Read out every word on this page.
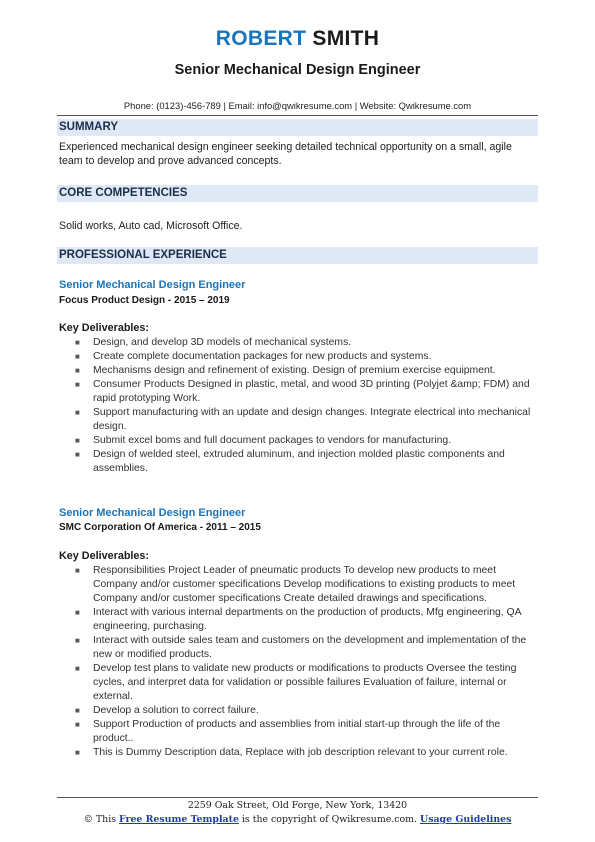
ROBERT SMITH
Senior Mechanical Design Engineer
Phone: (0123)-456-789 | Email: info@qwikresume.com | Website: Qwikresume.com
SUMMARY
Experienced mechanical design engineer seeking detailed technical opportunity on a small, agile team to develop and prove advanced concepts.
CORE COMPETENCIES
Solid works, Auto cad, Microsoft Office.
PROFESSIONAL EXPERIENCE
Senior Mechanical Design Engineer
Focus Product Design - 2015 – 2019
Key Deliverables:
■ Design, and develop 3D models of mechanical systems.
■ Create complete documentation packages for new products and systems.
■ Mechanisms design and refinement of existing. Design of premium exercise equipment.
■ Consumer Products Designed in plastic, metal, and wood 3D printing (Polyjet &amp; FDM) and rapid prototyping Work.
■ Support manufacturing with an update and design changes. Integrate electrical into mechanical design.
■ Submit excel boms and full document packages to vendors for manufacturing.
■ Design of welded steel, extruded aluminum, and injection molded plastic components and assemblies.
Senior Mechanical Design Engineer
SMC Corporation Of America - 2011 – 2015
Key Deliverables:
■ Responsibilities Project Leader of pneumatic products To develop new products to meet Company and/or customer specifications Develop modifications to existing products to meet Company and/or customer specifications Create detailed drawings and specifications.
■ Interact with various internal departments on the production of products, Mfg engineering, QA engineering, purchasing.
■ Interact with outside sales team and customers on the development and implementation of the new or modified products.
■ Develop test plans to validate new products or modifications to products Oversee the testing cycles, and interpret data for validation or possible failures Evaluation of failure, internal or external.
■ Develop a solution to correct failure.
■ Support Production of products and assemblies from initial start-up through the life of the product..
■ This is Dummy Description data, Replace with job description relevant to your current role.
2259 Oak Street, Old Forge, New York, 13420
© This Free Resume Template is the copyright of Qwikresume.com. Usage Guidelines
